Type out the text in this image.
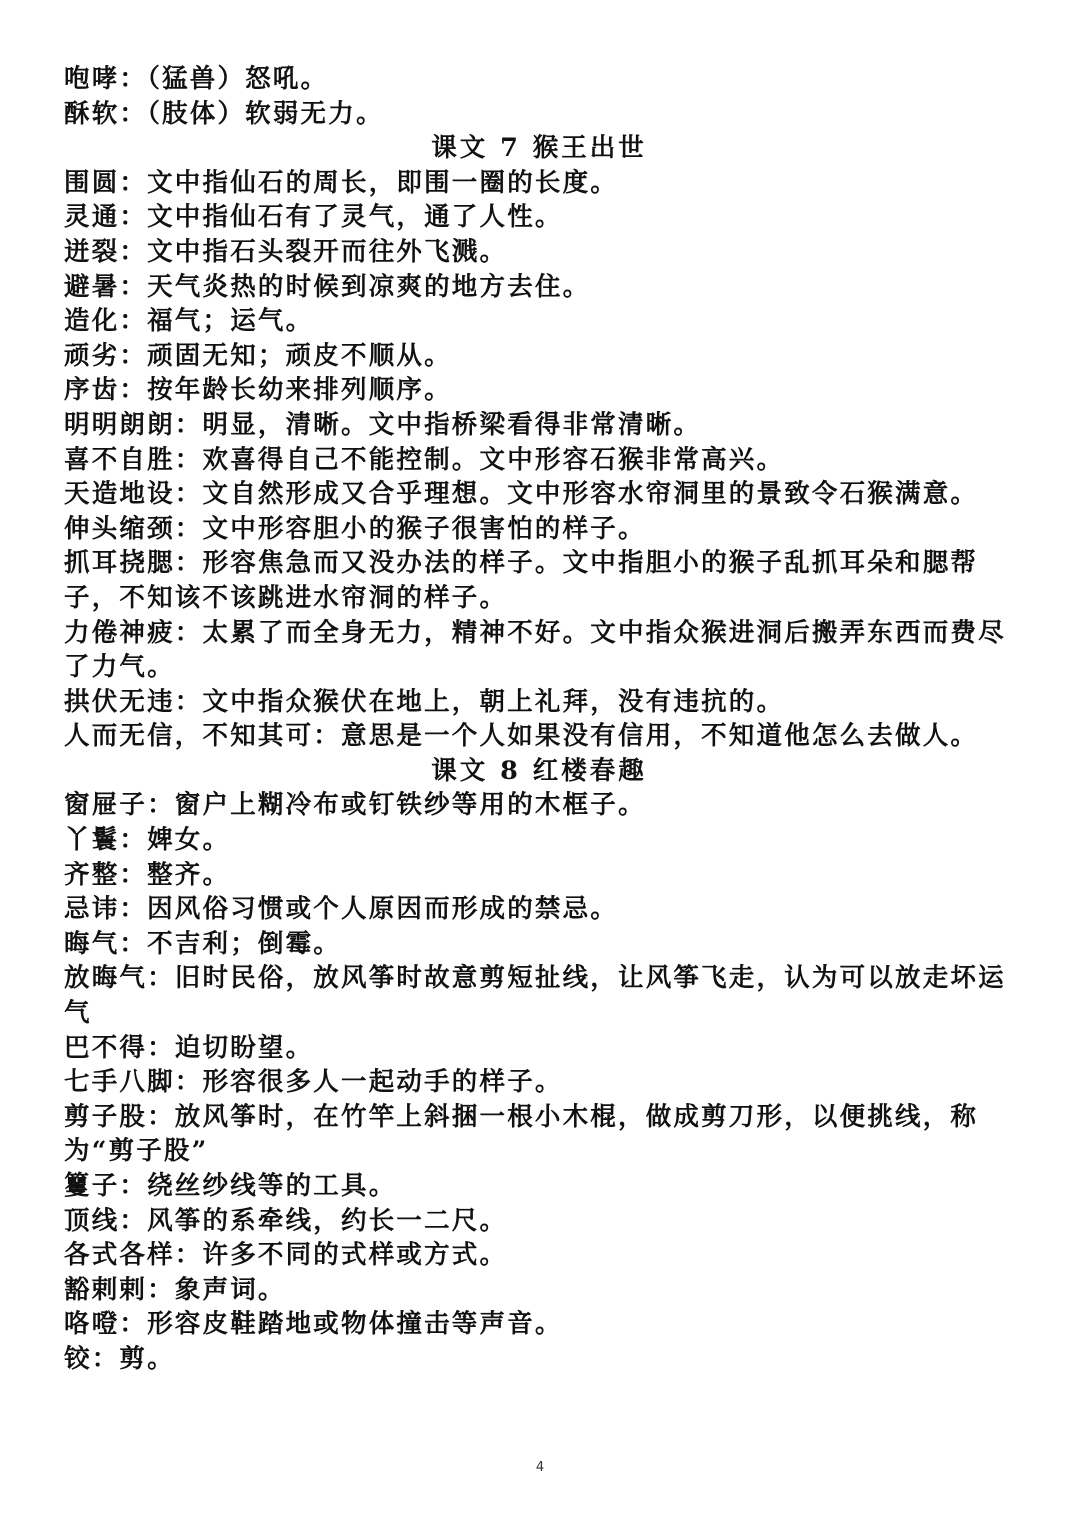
咆哮：（猛兽）怒吼。

酥软：（肢体）软弱无力。

课文 7 猴王出世

围圆：文中指仙石的周长，即围一圈的长度。

灵通：文中指仙石有了灵气，通了人性。

迸裂：文中指石头裂开而往外飞溅。

避暑：天气炎热的时候到凉爽的地方去住。

造化：福气；运气。

顽劣：顽固无知；顽皮不顺从。

序齿：按年龄长幼来排列顺序。

明明朗朗：明显，清晰。文中指桥梁看得非常清晰。

喜不自胜：欢喜得自己不能控制。文中形容石猴非常高兴。

天造地设：文自然形成又合乎理想。文中形容水帘洞里的景致令石猴满意。

伸头缩颈：文中形容胆小的猴子很害怕的样子。

抓耳挠腮：形容焦急而又没办法的样子。文中指胆小的猴子乱抓耳朵和腮帮子，不知该不该跳进水帘洞的样子。

力倦神疲：太累了而全身无力，精神不好。文中指众猴进洞后搬弄东西而费尽了力气。

拱伏无违：文中指众猴伏在地上，朝上礼拜，没有违抗的。

人而无信，不知其可：意思是一个人如果没有信用，不知道他怎么去做人。

课文 8 红楼春趣

窗屉子：窗户上糊冷布或钉铁纱等用的木框子。

丫鬟：婢女。

齐整：整齐。

忌讳：因风俗习惯或个人原因而形成的禁忌。

晦气：不吉利；倒霉。

放晦气：旧时民俗，放风筝时故意剪短扯线，让风筝飞走，认为可以放走坏运气

巴不得：迫切盼望。

七手八脚：形容很多人一起动手的样子。

剪子股：放风筝时，在竹竿上斜捆一根小木棍，做成剪刀形，以便挑线，称为“剪子股”

籰子：绕丝纱线等的工具。

顶线：风筝的系牵线，约长一二尺。

各式各样：许多不同的式样或方式。

豁剌剌：象声词。

咯噔：形容皮鞋踏地或物体撞击等声音。

铰：剪。

4
